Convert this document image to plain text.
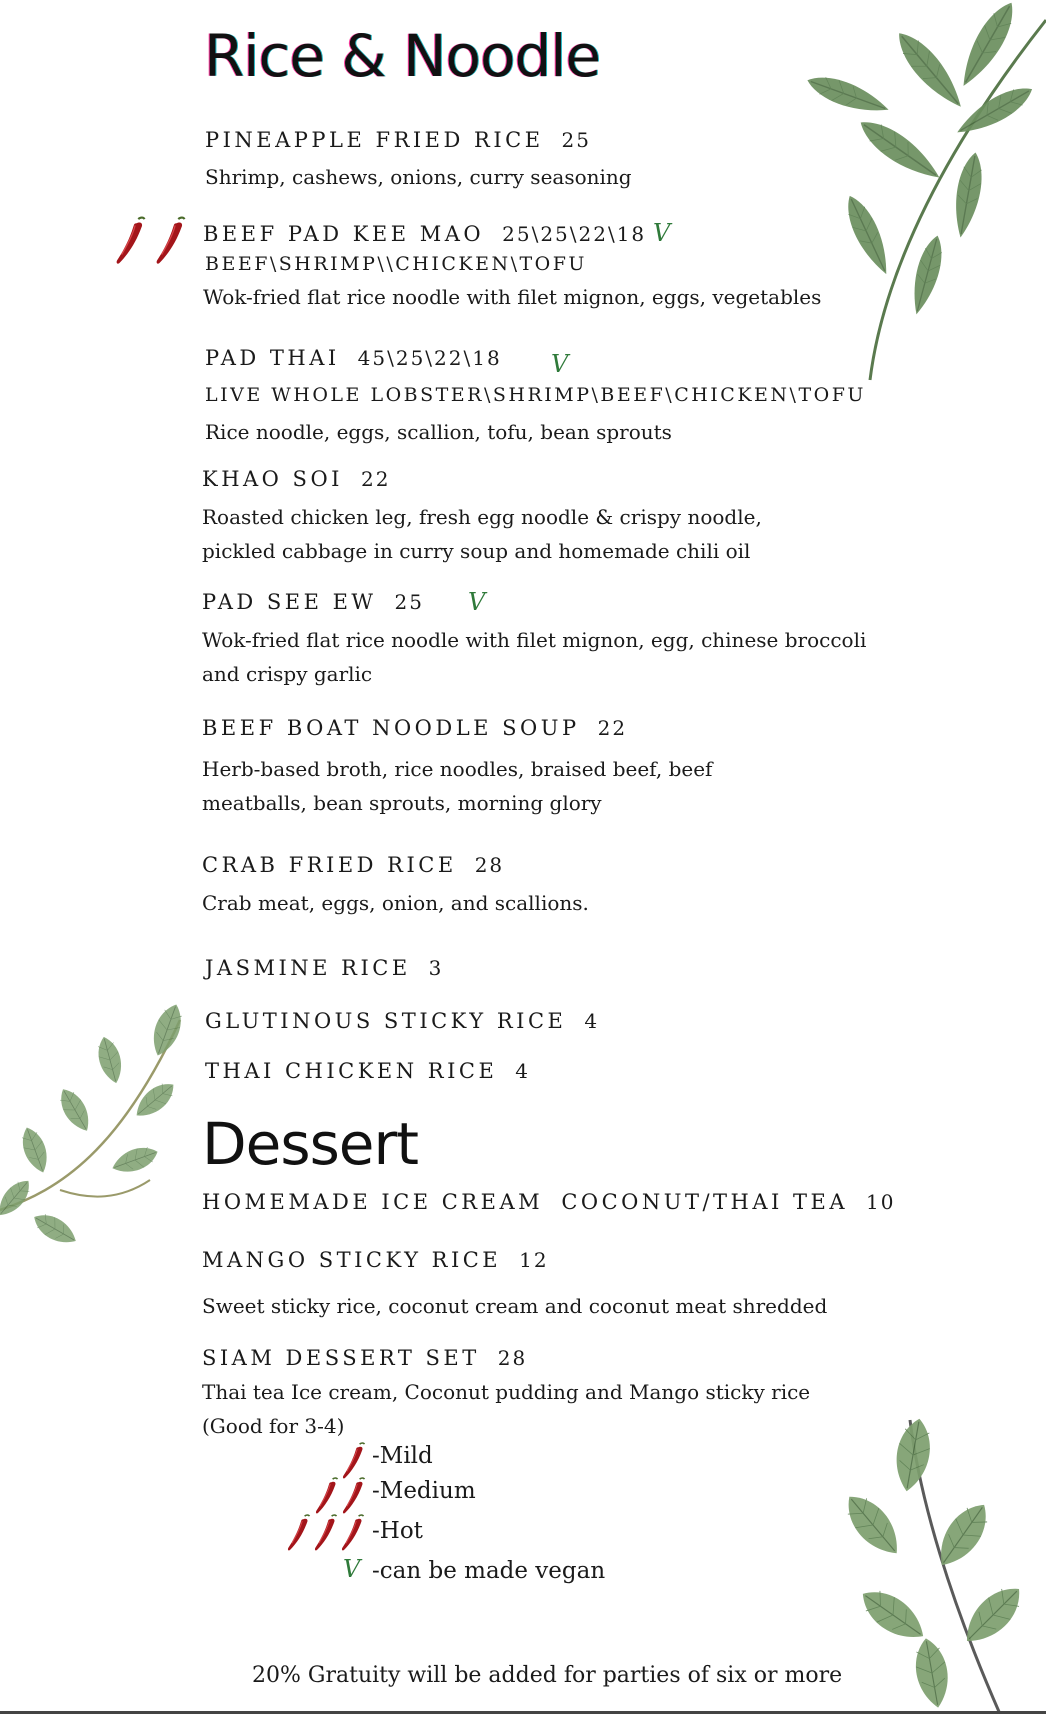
Rice & Noodle
PINEAPPLE FRIED RICE 25
Shrimp, cashews, onions, curry seasoning
BEEF PAD KEE MAO 25\25\22\18 V
BEEF\SHRIMP\\CHICKEN\TOFU
Wok-fried flat rice noodle with filet mignon, eggs, vegetables
PAD THAI 45\25\22\18 V
LIVE WHOLE LOBSTER\SHRIMP\BEEF\CHICKEN\TOFU
Rice noodle, eggs, scallion, tofu, bean sprouts
KHAO SOI 22
Roasted chicken leg, fresh egg noodle & crispy noodle, pickled cabbage in curry soup and homemade chili oil
PAD SEE EW 25 V
Wok-fried flat rice noodle with filet mignon, egg, chinese broccoli and crispy garlic
BEEF BOAT NOODLE SOUP 22
Herb-based broth, rice noodles, braised beef, beef meatballs, bean sprouts, morning glory
CRAB FRIED RICE 28
Crab meat, eggs, onion, and scallions.
JASMINE RICE 3
GLUTINOUS STICKY RICE 4
THAI CHICKEN RICE 4
Dessert
HOMEMADE ICE CREAM COCONUT/THAI TEA 10
MANGO STICKY RICE 12
Sweet sticky rice, coconut cream and coconut meat shredded
SIAM DESSERT SET 28
Thai tea Ice cream, Coconut pudding and Mango sticky rice
(Good for 3-4)
-Mild
-Medium
-Hot
V -can be made vegan
20% Gratuity will be added for parties of six or more
